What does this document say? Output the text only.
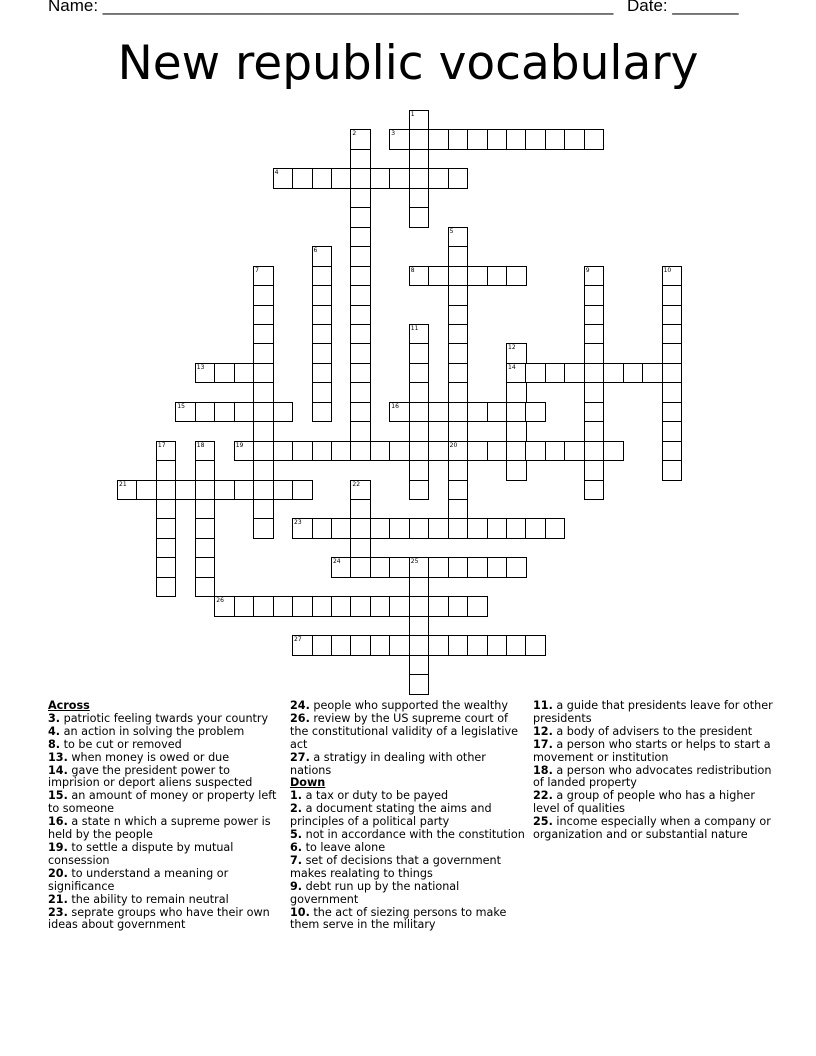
Name: ______________________________________________________ Date: _______
New republic vocabulary
1
2	3
4
5
20
6
7	8	9	10
11
12
14
13
15	16
17	18	19
21	22
23
24	25
26
27
Across
3. patriotic feeling twards your country
4. an action in solving the problem
8. to be cut or removed
13. when money is owed or due
14. gave the president power to imprision or deport aliens suspected
15. an amount of money or property left to someone
16. a state n which a supreme power is held by the people
19. to settle a dispute by mutual consession
20. to understand a meaning or significance
21. the ability to remain neutral
23. seprate groups who have their own ideas about government
24. people who supported the wealthy
26. review by the US supreme court of the constitutional validity of a legislative act
27. a stratigy in dealing with other nations
Down
1. a tax or duty to be payed
2. a document stating the aims and principles of a political party
5. not in accordance with the constitution
6. to leave alone
7. set of decisions that a government makes realating to things
9. debt run up by the national government
10. the act of siezing persons to make them serve in the military
11. a guide that presidents leave for other presidents
12. a body of advisers to the president
17. a person who starts or helps to start a movement or institution
18. a person who advocates redistribution of landed property
22. a group of people who has a higher level of qualities
25. income especially when a company or organization and or substantial nature
